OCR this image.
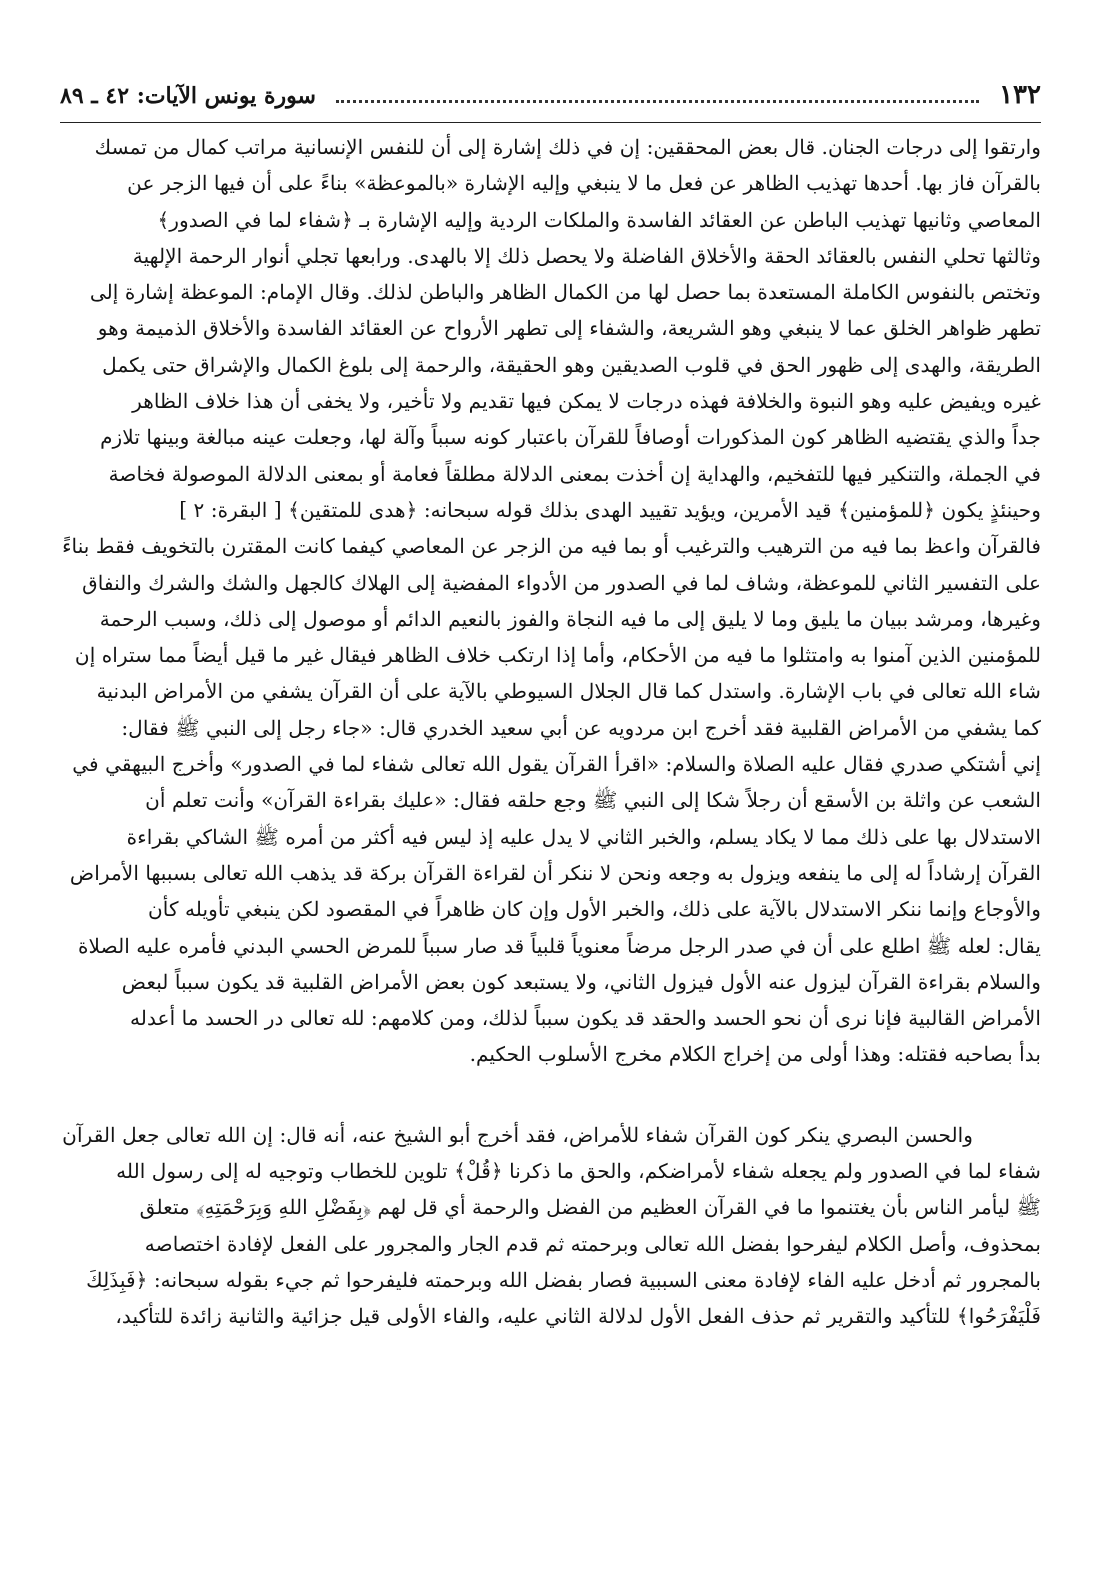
١٣٢
سورة يونس الآيات: ٤٢ ـ ٨٩

وارتقوا إلى درجات الجنان. قال بعض المحققين: إن في ذلك إشارة إلى أن للنفس الإنسانية مراتب كمال من تمسك

بالقرآن فاز بها. أحدها تهذيب الظاهر عن فعل ما لا ينبغي وإليه الإشارة «بالموعظة» بناءً على أن فيها الزجر عن

المعاصي وثانيها تهذيب الباطن عن العقائد الفاسدة والملكات الردية وإليه الإشارة بـ ﴿شفاء لما في الصدور﴾

وثالثها تحلي النفس بالعقائد الحقة والأخلاق الفاضلة ولا يحصل ذلك إلا بالهدى. ورابعها تجلي أنوار الرحمة الإلهية

وتختص بالنفوس الكاملة المستعدة بما حصل لها من الكمال الظاهر والباطن لذلك. وقال الإمام: الموعظة إشارة إلى

تطهر ظواهر الخلق عما لا ينبغي وهو الشريعة، والشفاء إلى تطهر الأرواح عن العقائد الفاسدة والأخلاق الذميمة وهو

الطريقة، والهدى إلى ظهور الحق في قلوب الصديقين وهو الحقيقة، والرحمة إلى بلوغ الكمال والإشراق حتى يكمل

غيره ويفيض عليه وهو النبوة والخلافة فهذه درجات لا يمكن فيها تقديم ولا تأخير، ولا يخفى أن هذا خلاف الظاهر

جداً والذي يقتضيه الظاهر كون المذكورات أوصافاً للقرآن باعتبار كونه سبباً وآلة لها، وجعلت عينه مبالغة وبينها تلازم

في الجملة، والتنكير فيها للتفخيم، والهداية إن أخذت بمعنى الدلالة مطلقاً فعامة أو بمعنى الدلالة الموصولة فخاصة

وحينئذٍ يكون ﴿للمؤمنين﴾ قيد الأمرين، ويؤيد تقييد الهدى بذلك قوله سبحانه: ﴿هدى للمتقين﴾ [ البقرة: ٢ ]

فالقرآن واعظ بما فيه من الترهيب والترغيب أو بما فيه من الزجر عن المعاصي كيفما كانت المقترن بالتخويف فقط بناءً

على التفسير الثاني للموعظة، وشاف لما في الصدور من الأدواء المفضية إلى الهلاك كالجهل والشك والشرك والنفاق

وغيرها، ومرشد ببيان ما يليق وما لا يليق إلى ما فيه النجاة والفوز بالنعيم الدائم أو موصول إلى ذلك، وسبب الرحمة

للمؤمنين الذين آمنوا به وامتثلوا ما فيه من الأحكام، وأما إذا ارتكب خلاف الظاهر فيقال غير ما قيل أيضاً مما ستراه إن

شاء الله تعالى في باب الإشارة. واستدل كما قال الجلال السيوطي بالآية على أن القرآن يشفي من الأمراض البدنية

كما يشفي من الأمراض القلبية فقد أخرج ابن مردويه عن أبي سعيد الخدري قال: «جاء رجل إلى النبي ﷺ فقال:

إني أشتكي صدري فقال عليه الصلاة والسلام: «اقرأ القرآن يقول الله تعالى شفاء لما في الصدور» وأخرج البيهقي في

الشعب عن واثلة بن الأسقع أن رجلاً شكا إلى النبي ﷺ وجع حلقه فقال: «عليك بقراءة القرآن» وأنت تعلم أن

الاستدلال بها على ذلك مما لا يكاد يسلم، والخبر الثاني لا يدل عليه إذ ليس فيه أكثر من أمره ﷺ الشاكي بقراءة

القرآن إرشاداً له إلى ما ينفعه ويزول به وجعه ونحن لا ننكر أن لقراءة القرآن بركة قد يذهب الله تعالى بسببها الأمراض

والأوجاع وإنما ننكر الاستدلال بالآية على ذلك، والخبر الأول وإن كان ظاهراً في المقصود لكن ينبغي تأويله كأن

يقال: لعله ﷺ اطلع على أن في صدر الرجل مرضاً معنوياً قلبياً قد صار سبباً للمرض الحسي البدني فأمره عليه الصلاة

والسلام بقراءة القرآن ليزول عنه الأول فيزول الثاني، ولا يستبعد كون بعض الأمراض القلبية قد يكون سبباً لبعض

الأمراض القالبية فإنا نرى أن نحو الحسد والحقد قد يكون سبباً لذلك، ومن كلامهم: لله تعالى در الحسد ما أعدله

بدأ بصاحبه فقتله: وهذا أولى من إخراج الكلام مخرج الأسلوب الحكيم.

والحسن البصري ينكر كون القرآن شفاء للأمراض، فقد أخرج أبو الشيخ عنه، أنه قال: إن الله تعالى جعل القرآن

شفاء لما في الصدور ولم يجعله شفاء لأمراضكم، والحق ما ذكرنا ﴿قُلْ﴾ تلوين للخطاب وتوجيه له إلى رسول الله

ﷺ ليأمر الناس بأن يغتنموا ما في القرآن العظيم من الفضل والرحمة أي قل لهم ﴿بِفَضْلِ اللهِ وَبِرَحْمَتِهِ﴾ متعلق

بمحذوف، وأصل الكلام ليفرحوا بفضل الله تعالى وبرحمته ثم قدم الجار والمجرور على الفعل لإفادة اختصاصه

بالمجرور ثم أدخل عليه الفاء لإفادة معنى السببية فصار بفضل الله وبرحمته فليفرحوا ثم جيء بقوله سبحانه: ﴿فَبِذَلِكَ

فَلْيَفْرَحُوا﴾ للتأكيد والتقرير ثم حذف الفعل الأول لدلالة الثاني عليه، والفاء الأولى قيل جزائية والثانية زائدة للتأكيد،
